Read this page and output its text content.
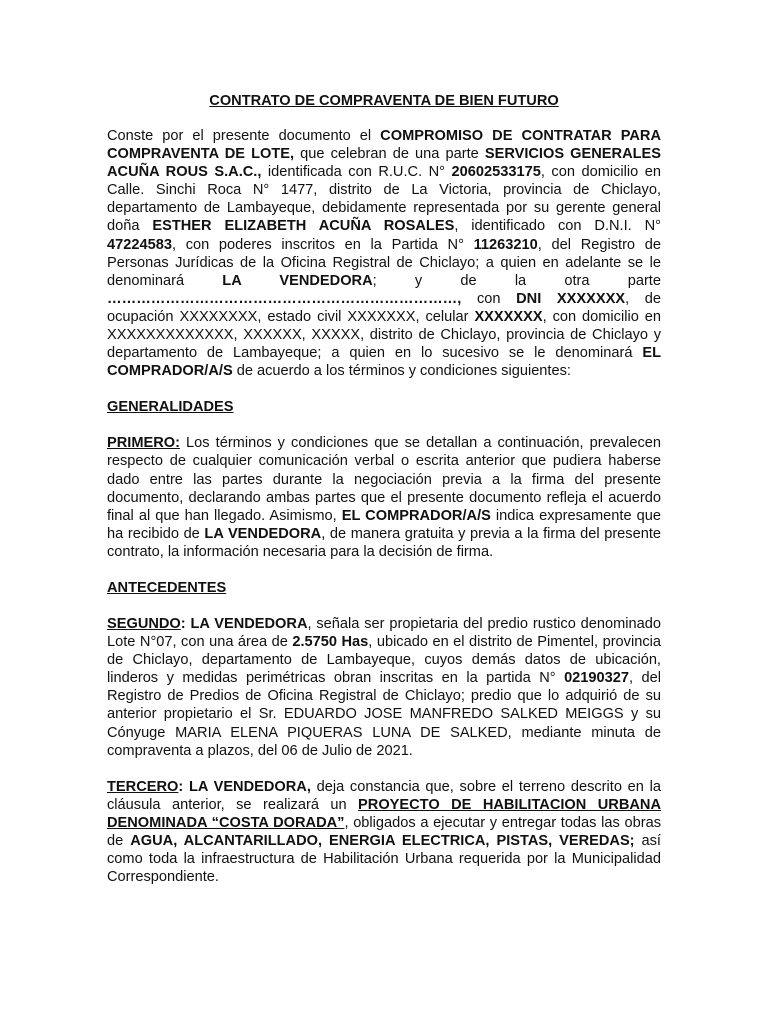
CONTRATO DE COMPRAVENTA DE BIEN FUTURO

Conste por el presente documento el COMPROMISO DE CONTRATAR PARA COMPRAVENTA DE LOTE, que celebran de una parte SERVICIOS GENERALES ACUÑA ROUS S.A.C., identificada con R.U.C. N° 20602533175, con domicilio en Calle. Sinchi Roca N° 1477, distrito de La Victoria, provincia de Chiclayo, departamento de Lambayeque, debidamente representada por su gerente general doña ESTHER ELIZABETH ACUÑA ROSALES, identificado con D.N.I. N° 47224583, con poderes inscritos en la Partida N° 11263210, del Registro de Personas Jurídicas de la Oficina Registral de Chiclayo; a quien en adelante se le denominará LA VENDEDORA; y de la otra parte ………………………………………………………………, con DNI XXXXXXX, de ocupación XXXXXXXX, estado civil XXXXXXX, celular XXXXXXX, con domicilio en XXXXXXXXXXXXX, XXXXXX, XXXXX, distrito de Chiclayo, provincia de Chiclayo y departamento de Lambayeque; a quien en lo sucesivo se le denominará EL COMPRADOR/A/S de acuerdo a los términos y condiciones siguientes:

GENERALIDADES

PRIMERO: Los términos y condiciones que se detallan a continuación, prevalecen respecto de cualquier comunicación verbal o escrita anterior que pudiera haberse dado entre las partes durante la negociación previa a la firma del presente documento, declarando ambas partes que el presente documento refleja el acuerdo final al que han llegado. Asimismo, EL COMPRADOR/A/S indica expresamente que ha recibido de LA VENDEDORA, de manera gratuita y previa a la firma del presente contrato, la información necesaria para la decisión de firma.

ANTECEDENTES

SEGUNDO: LA VENDEDORA, señala ser propietaria del predio rustico denominado Lote N°07, con una área de 2.5750 Has, ubicado en el distrito de Pimentel, provincia de Chiclayo, departamento de Lambayeque, cuyos demás datos de ubicación, linderos y medidas perimétricas obran inscritas en la partida N° 02190327, del Registro de Predios de Oficina Registral de Chiclayo; predio que lo adquirió de su anterior propietario el Sr. EDUARDO JOSE MANFREDO SALKED MEIGGS y su Cónyuge MARIA ELENA PIQUERAS LUNA DE SALKED, mediante minuta de compraventa a plazos, del 06 de Julio de 2021.

TERCERO: LA VENDEDORA, deja constancia que, sobre el terreno descrito en la cláusula anterior, se realizará un PROYECTO DE HABILITACION URBANA DENOMINADA “COSTA DORADA”, obligados a ejecutar y entregar todas las obras de AGUA, ALCANTARILLADO, ENERGIA ELECTRICA, PISTAS, VEREDAS; así como toda la infraestructura de Habilitación Urbana requerida por la Municipalidad Correspondiente.
